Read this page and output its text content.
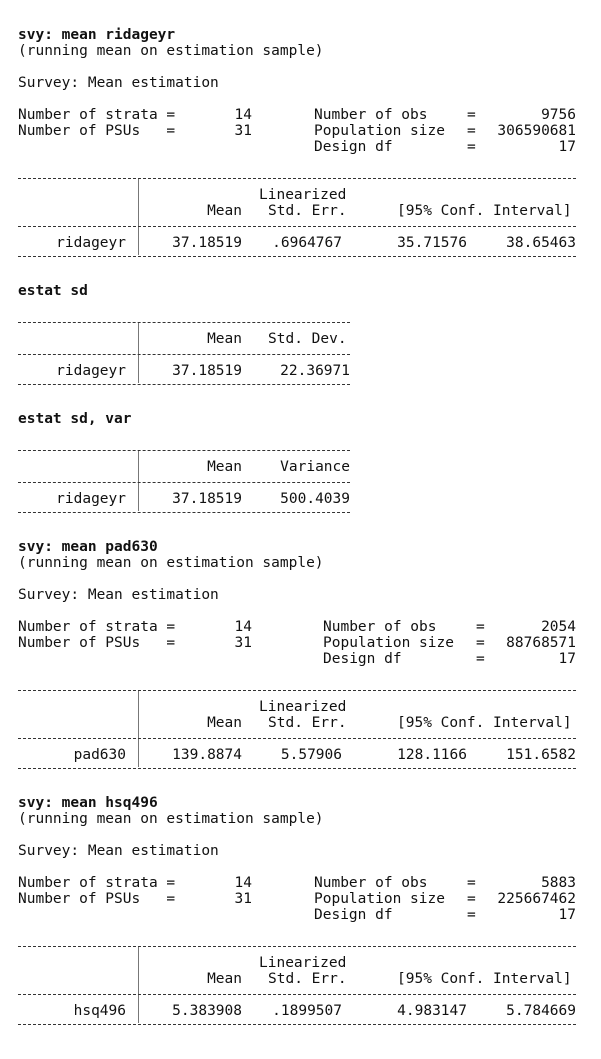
svy: mean ridageyr
(running mean on estimation sample)
Survey: Mean estimation
Number of strata =	14
Number of PSUs   =	31
Number of obs	=	9756
Population size =	306590681
Design df	=	17
Linearized
Mean Std. Err.	[95% Conf. Interval]
ridageyr	37.18519	.6964767	35.71576	38.65463
estat sd
Mean Std. Dev.
ridageyr	37.18519	22.36971
estat sd, var
Mean	Variance
ridageyr	37.18519	500.4039
svy: mean pad630
(running mean on estimation sample)
Survey: Mean estimation
Number of strata =	14
Number of PSUs   =	31
Number of obs	=	2054
Population size =	88768571
Design df	=	17
Linearized
Mean Std. Err.	[95% Conf. Interval]
pad630	139.8874	5.57906	128.1166	151.6582
svy: mean hsq496
(running mean on estimation sample)
Survey: Mean estimation
Number of strata =	14
Number of PSUs   =	31
Number of obs	=	5883
Population size =	225667462
Design df	=	17
Linearized
Mean Std. Err.	[95% Conf. Interval]
hsq496	5.383908	.1899507	4.983147	5.784669
